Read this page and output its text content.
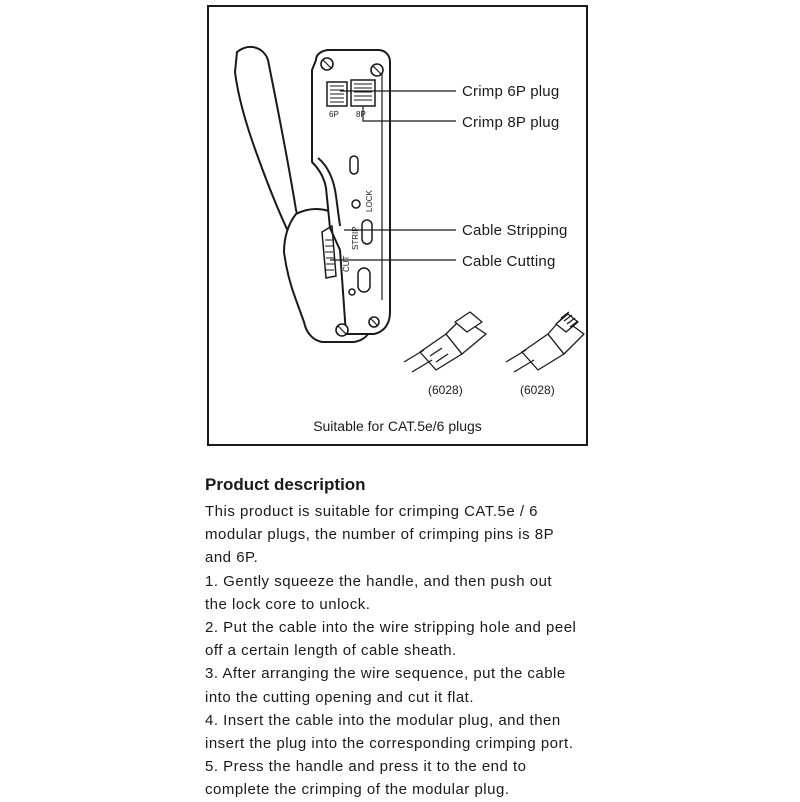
6P 8P
LOCK
STRIP
CUT
Crimp 6P plug
Crimp 8P plug
Cable Stripping
Cable Cutting
(6028)	(6028)
Suitable for CAT.5e/6 plugs
Product description

This product is suitable for crimping CAT.5e / 6

modular plugs, the number of crimping pins is 8P

and 6P.

1. Gently squeeze the handle, and then push out

the lock core to unlock.

2. Put the cable into the wire stripping hole and peel

off a certain length of cable sheath.

3. After arranging the wire sequence, put the cable

into the cutting opening and cut it flat.

4. Insert the cable into the modular plug, and then

insert the plug into the corresponding crimping port.

5. Press the handle and press it to the end to

complete the crimping of the modular plug.
